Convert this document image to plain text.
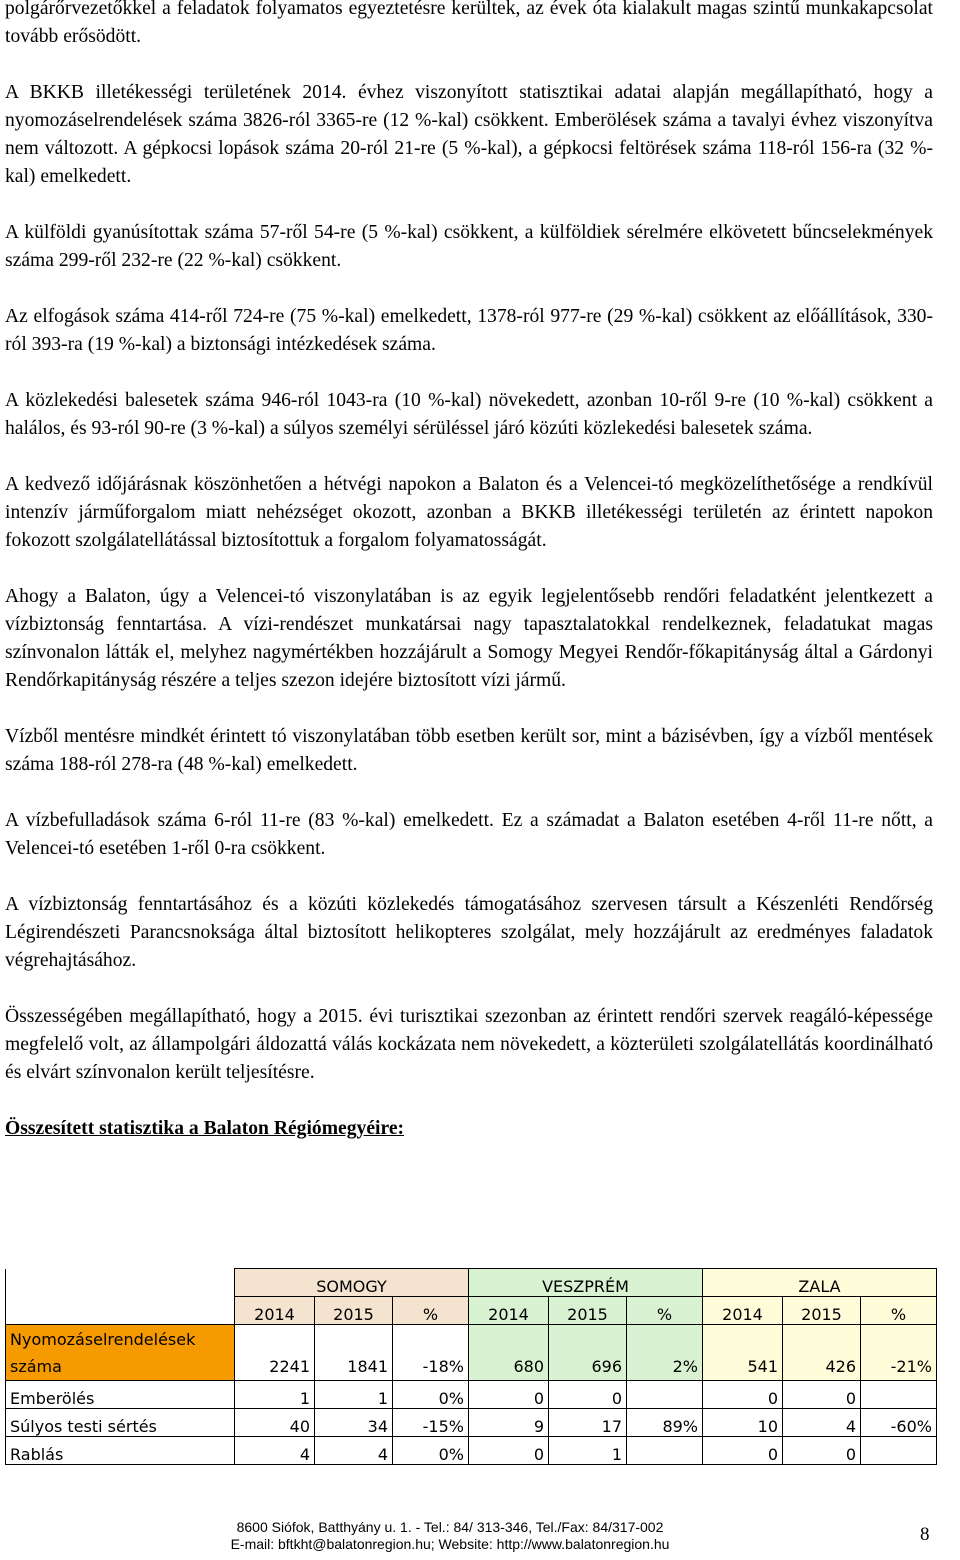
polgárőrvezetőkkel a feladatok folyamatos egyeztetésre kerültek, az évek óta kialakult magas szintű munkakapcsolat tovább erősödött.

A BKKB illetékességi területének 2014. évhez viszonyított statisztikai adatai alapján megállapítható, hogy a nyomozáselrendelések száma 3826-ról 3365-re (12 %-kal) csökkent. Emberölések száma a tavalyi évhez viszonyítva nem változott. A gépkocsi lopások száma 20-ról 21-re (5 %-kal), a gépkocsi feltörések száma 118-ról 156-ra (32 %-kal) emelkedett.

A külföldi gyanúsítottak száma 57-ről 54-re (5 %-kal) csökkent, a külföldiek sérelmére elkövetett bűncselekmények száma 299-ről 232-re (22 %-kal) csökkent.

Az elfogások száma 414-ről 724-re (75 %-kal) emelkedett, 1378-ról 977-re (29 %-kal) csökkent az előállítások, 330-ról 393-ra (19 %-kal) a biztonsági intézkedések száma.

A közlekedési balesetek száma 946-ról 1043-ra (10 %-kal) növekedett, azonban 10-ről 9-re (10 %-kal) csökkent a halálos, és 93-ról 90-re (3 %-kal) a súlyos személyi sérüléssel járó közúti közlekedési balesetek száma.

A kedvező időjárásnak köszönhetően a hétvégi napokon a Balaton és a Velencei-tó megközelíthetősége a rendkívül intenzív járműforgalom miatt nehézséget okozott, azonban a BKKB illetékességi területén az érintett napokon fokozott szolgálatellátással biztosítottuk a forgalom folyamatosságát.

Ahogy a Balaton, úgy a Velencei-tó viszonylatában is az egyik legjelentősebb rendőri feladatként jelentkezett a vízbiztonság fenntartása. A vízi-rendészet munkatársai nagy tapasztalatokkal rendelkeznek, feladatukat magas színvonalon látták el, melyhez nagymértékben hozzájárult a Somogy Megyei Rendőr-főkapitányság által a Gárdonyi Rendőrkapitányság részére a teljes szezon idejére biztosított vízi jármű.

Vízből mentésre mindkét érintett tó viszonylatában több esetben került sor, mint a bázisévben, így a vízből mentések száma 188-ról 278-ra (48 %-kal) emelkedett.

A vízbefulladások száma 6-ról 11-re (83 %-kal) emelkedett. Ez a számadat a Balaton esetében 4-ről 11-re nőtt, a Velencei-tó esetében 1-ről 0-ra csökkent.

A vízbiztonság fenntartásához és a közúti közlekedés támogatásához szervesen társult a Készenléti Rendőrség Légirendészeti Parancsnoksága által biztosított helikopteres szolgálat, mely hozzájárult az eredményes faladatok végrehajtásához.

Összességében megállapítható, hogy a 2015. évi turisztikai szezonban az érintett rendőri szervek reagáló-képessége megfelelő volt, az állampolgári áldozattá válás kockázata nem növekedett, a közterületi szolgálatellátás koordinálható és elvárt színvonalon került teljesítésre.

Összesített statisztika a Balaton Régiómegyéire:

	SOMOGY			VESZPRÉM			ZALA		
	2014	2015	%	2014	2015	%	2014	2015	%
Nyomozáselrendelések
száma	2241	1841	-18%	680	696	2%	541	426	-21%
Emberölés	1	1	0%	0	0		0	0	
Súlyos testi sértés	40	34	-15%	9	17	89%	10	4	-60%
Rablás	4	4	0%	0	1		0	0	
8600 Siófok, Batthyány u. 1. - Tel.: 84/ 313-346, Tel./Fax: 84/317-002
E-mail: bftkht@balatonregion.hu; Website: http://www.balatonregion.hu	8
